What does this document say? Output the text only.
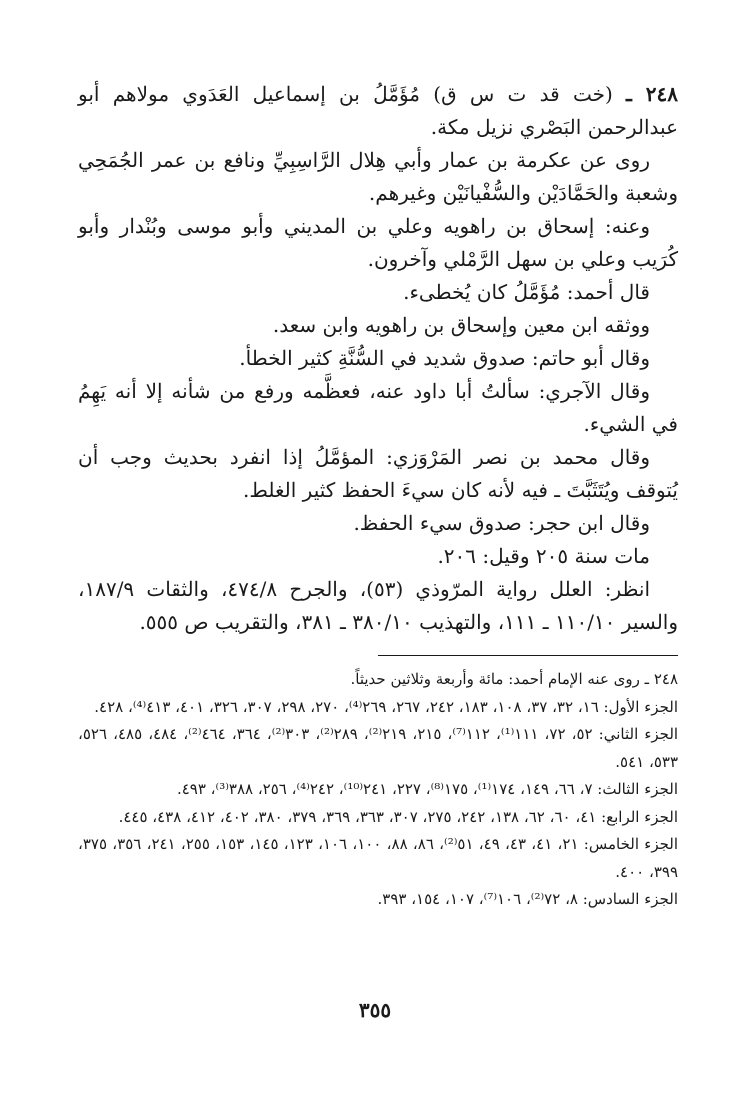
٢٤٨ ـ (خت قد ت س ق) مُؤَمَّلُ بن إسماعيل العَدَوي مولاهم أبو عبدالرحمن البَصْري نزيل مكة.

روى عن عكرمة بن عمار وأبي هِلال الرَّاسِبِيِّ ونافع بن عمر الجُمَحِي وشعبة والحَمَّادَيْن والسُّفْيانَيْن وغيرهم.

وعنه: إسحاق بن راهويه وعلي بن المديني وأبو موسى وبُنْدار وأبو كُرَيب وعلي بن سهل الرَّمْلي وآخرون.

قال أحمد: مُؤَمَّلُ كان يُخطىء.

ووثقه ابن معين وإسحاق بن راهويه وابن سعد.

وقال أبو حاتم: صدوق شديد في السُّنَّةِ كثير الخطأ.

وقال الآجري: سألتُ أبا داود عنه، فعظَّمه ورفع من شأنه إلا أنه يَهِمُ في الشيء.

وقال محمد بن نصر المَرْوَزي: المؤمَّلُ إذا انفرد بحديث وجب أن يُتوقف ويُتَثَبَّتَ ـ فيه لأنه كان سيءَ الحفظ كثير الغلط.

وقال ابن حجر: صدوق سيء الحفظ.

مات سنة ٢٠٥ وقيل: ٢٠٦.

انظر: العلل رواية المرّوذي (٥٣)، والجرح ٤٧٤/٨، والثقات ١٨٧/٩، والسير ١١٠/١٠ ـ ١١١، والتهذيب ٣٨٠/١٠ ـ ٣٨١، والتقريب ص ٥٥٥.

٢٤٨ ـ روى عنه الإمام أحمد: مائة وأربعة وثلاثين حديثاً.

الجزء الأول: ١٦، ٣٢، ٣٧، ١٠٨، ١٨٣، ٢٤٢، ٢٦٧، ٢٦٩⁽⁴⁾، ٢٧٠، ٢٩٨، ٣٠٧، ٣٢٦، ٤٠١، ٤١٣⁽⁴⁾، ٤٢٨.

الجزء الثاني: ٥٢، ٧٢، ١١١⁽¹⁾، ١١٢⁽⁷⁾، ٢١٥، ٢١٩⁽²⁾، ٢٨٩⁽²⁾، ٣٠٣⁽²⁾، ٣٦٤، ٤٦٤⁽²⁾، ٤٨٤، ٤٨٥، ٥٢٦، ٥٣٣، ٥٤١.

الجزء الثالث: ٧، ٦٦، ١٤٩، ١٧٤⁽¹⁾، ١٧٥⁽⁸⁾، ٢٢٧، ٢٤١⁽¹⁰⁾، ٢٤٢⁽⁴⁾، ٢٥٦، ٣٨٨⁽³⁾، ٤٩٣.

الجزء الرابع: ٤١، ٦٠، ٦٢، ١٣٨، ٢٤٢، ٢٧٥، ٣٠٧، ٣٦٣، ٣٦٩، ٣٧٩، ٣٨٠، ٤٠٢، ٤١٢، ٤٣٨، ٤٤٥.

الجزء الخامس: ٢١، ٤١، ٤٣، ٤٩، ٥١⁽²⁾، ٨٦، ٨٨، ١٠٠، ١٠٦، ١٢٣، ١٤٥، ١٥٣، ٢٥٥، ٢٤١، ٣٥٦، ٣٧٥، ٣٩٩، ٤٠٠.

الجزء السادس: ٨، ٧٢⁽²⁾، ١٠٦⁽⁷⁾، ١٠٧، ١٥٤، ٣٩٣.

٣٥٥
